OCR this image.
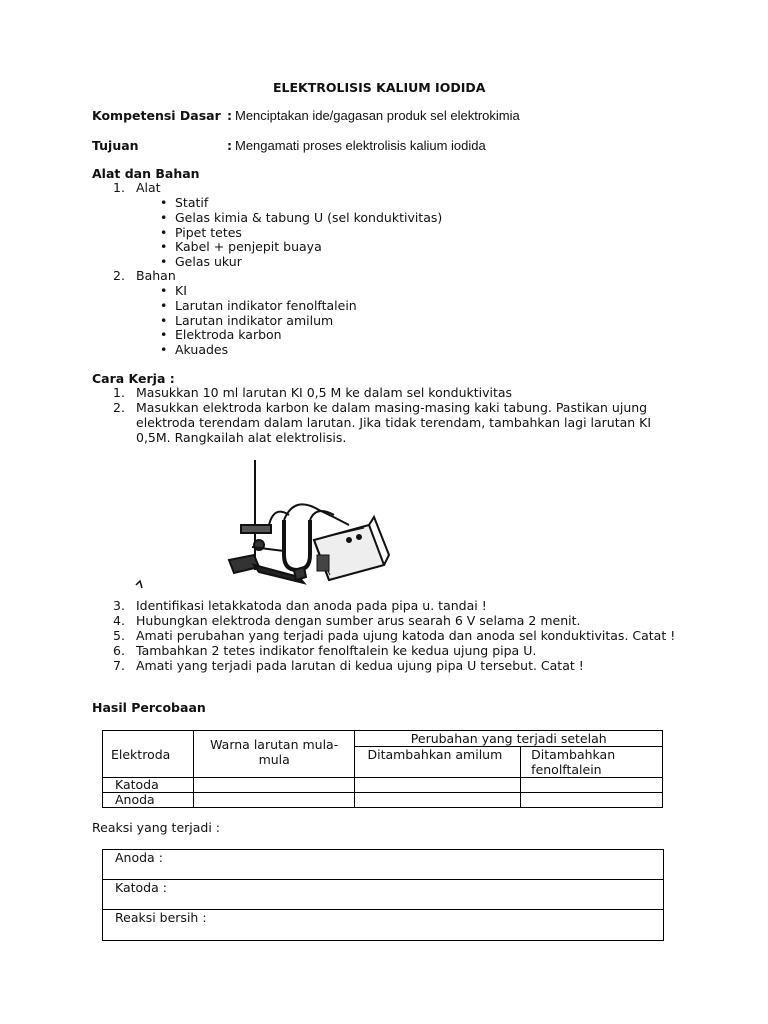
ELEKTROLISIS KALIUM IODIDA
Kompetensi Dasar : Menciptakan ide/gagasan produk sel elektrokimia
Tujuan	: Mengamati proses elektrolisis kalium iodida
Alat dan Bahan
1. Alat
• Statif
• Gelas kimia & tabung U (sel konduktivitas)
• Pipet tetes
• Kabel + penjepit buaya
• Gelas ukur
2. Bahan
• KI
• Larutan indikator fenolftalein
• Larutan indikator amilum
• Elektroda karbon
• Akuades
Cara Kerja :
1. Masukkan 10 ml larutan KI 0,5 M ke dalam sel konduktivitas
2. Masukkan elektroda karbon ke dalam masing-masing kaki tabung. Pastikan ujung
elektroda terendam dalam larutan. Jika tidak terendam, tambahkan lagi larutan KI
0,5M. Rangkailah alat elektrolisis.
3. Identifikasi letakkatoda dan anoda pada pipa u. tandai !
4. Hubungkan elektroda dengan sumber arus searah 6 V selama 2 menit.
5. Amati perubahan yang terjadi pada ujung katoda dan anoda sel konduktivitas. Catat !
6. Tambahkan 2 tetes indikator fenolftalein ke kedua ujung pipa U.
7. Amati yang terjadi pada larutan di kedua ujung pipa U tersebut. Catat !
Hasil Percobaan
Elektroda	Warna larutan mula-mula	Perubahan yang terjadi setelah	
		Ditambahkan amilum	Ditambahkan fenolftalein
Katoda			
Anoda			
Reaksi yang terjadi :
Anoda :
Katoda :
Reaksi bersih :
